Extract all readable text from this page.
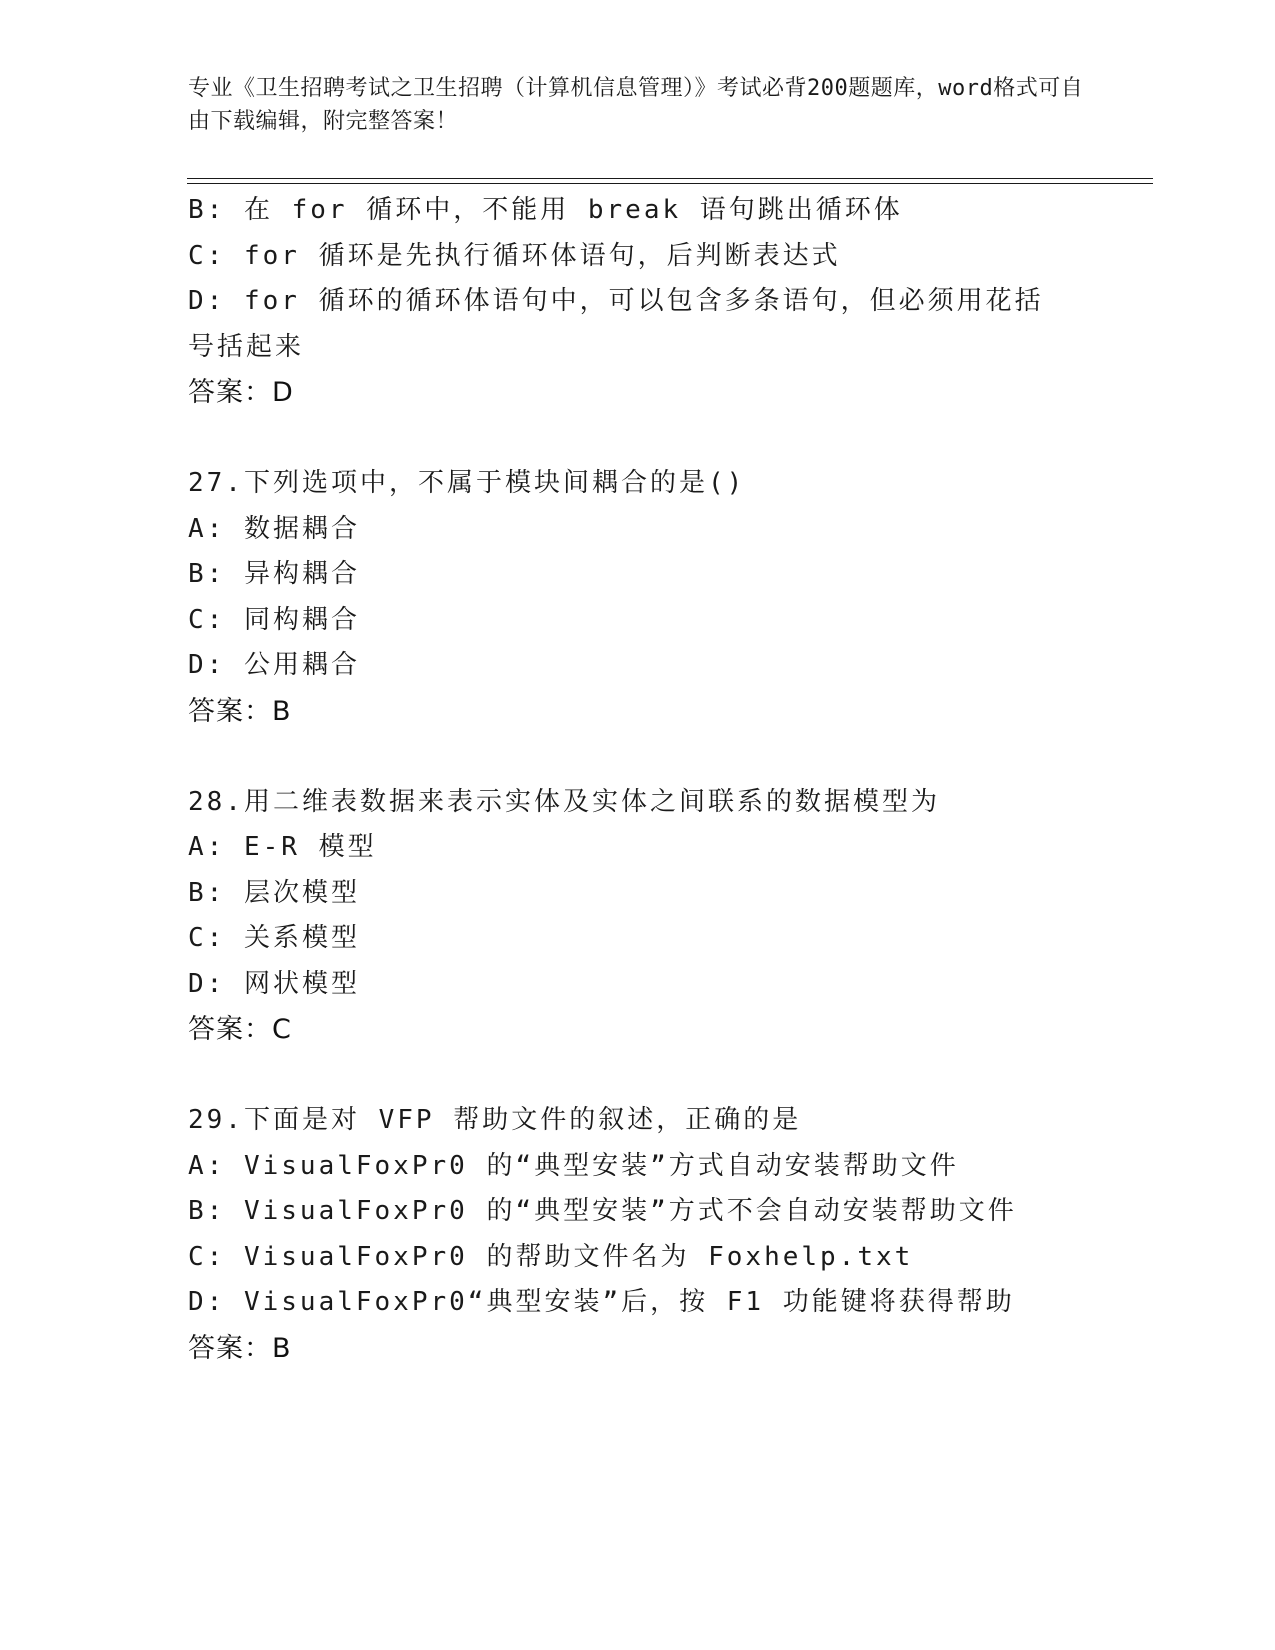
专业《卫生招聘考试之卫生招聘（计算机信息管理）》考试必背200题题库，word格式可自由下载编辑，附完整答案！
B: 在 for 循环中，不能用 break 语句跳出循环体
C: for 循环是先执行循环体语句，后判断表达式
D: for 循环的循环体语句中，可以包含多条语句，但必须用花括号括起来
答案：D
27.下列选项中，不属于模块间耦合的是()
A: 数据耦合
B: 异构耦合
C: 同构耦合
D: 公用耦合
答案：B
28.用二维表数据来表示实体及实体之间联系的数据模型为
A: E-R 模型
B: 层次模型
C: 关系模型
D: 网状模型
答案：C
29.下面是对 VFP 帮助文件的叙述，正确的是
A: VisualFoxPr0 的“典型安装”方式自动安装帮助文件
B: VisualFoxPr0 的“典型安装”方式不会自动安装帮助文件
C: VisualFoxPr0 的帮助文件名为 Foxhelp.txt
D: VisualFoxPr0“典型安装”后，按 F1 功能键将获得帮助
答案：B
